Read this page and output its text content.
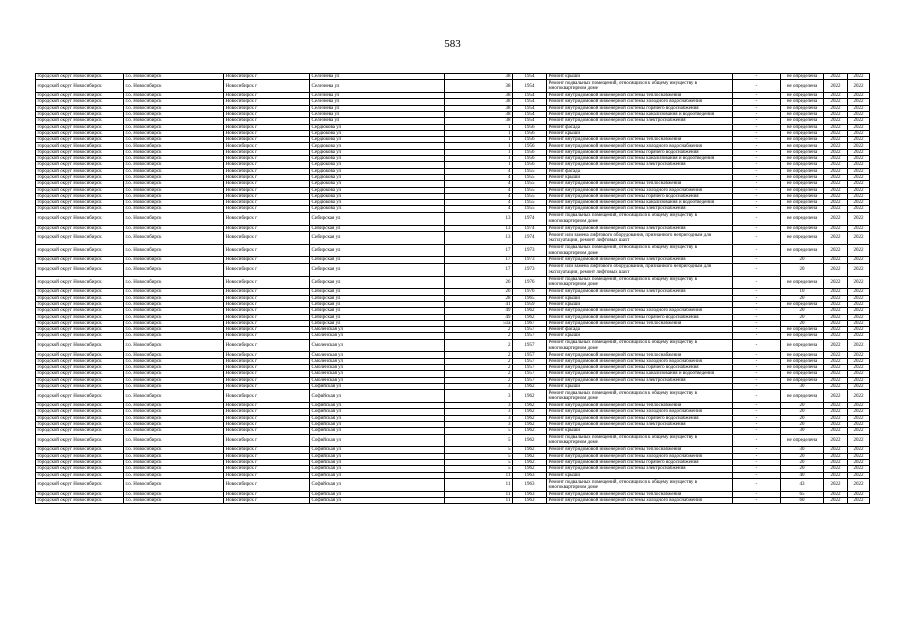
583
городской округ Новосибирск	г.о. Новосибирск	Новосибирск г	Селезнева ул	38	1954	Ремонт крыши	-	не определена	2022	2022
городской округ Новосибирск	г.о. Новосибирск	Новосибирск г	Селезнева ул	38	1954	Ремонт подвальных помещений, относящихся к общему имуществу в многоквартирном доме	-	не определена	2022	2022
городской округ Новосибирск	г.о. Новосибирск	Новосибирск г	Селезнева ул	38	1954	Ремонт внутридомовой инженерной системы теплоснабжения	-	не определена	2022	2022
городской округ Новосибирск	г.о. Новосибирск	Новосибирск г	Селезнева ул	38	1954	Ремонт внутридомовой инженерной системы холодного водоснабжения	-	не определена	2022	2022
городской округ Новосибирск	г.о. Новосибирск	Новосибирск г	Селезнева ул	38	1954	Ремонт внутридомовой инженерной системы горячего водоснабжения	-	не определена	2022	2022
городской округ Новосибирск	г.о. Новосибирск	Новосибирск г	Селезнева ул	38	1954	Ремонт внутридомовой инженерной системы канализования и водоотведения	-	не определена	2022	2022
городской округ Новосибирск	г.о. Новосибирск	Новосибирск г	Селезнева ул	38	1954	Ремонт внутридомовой инженерной системы электроснабжения	-	не определена	2022	2022
городской округ Новосибирск	г.о. Новосибирск	Новосибирск г	Сердюкова ул	1	1956	Ремонт фасада	-	не определена	2022	2022
городской округ Новосибирск	г.о. Новосибирск	Новосибирск г	Сердюкова ул	1	1956	Ремонт крыши	-	не определена	2022	2022
городской округ Новосибирск	г.о. Новосибирск	Новосибирск г	Сердюкова ул	1	1956	Ремонт внутридомовой инженерной системы теплоснабжения	-	не определена	2022	2022
городской округ Новосибирск	г.о. Новосибирск	Новосибирск г	Сердюкова ул	1	1956	Ремонт внутридомовой инженерной системы холодного водоснабжения	-	не определена	2022	2022
городской округ Новосибирск	г.о. Новосибирск	Новосибирск г	Сердюкова ул	1	1956	Ремонт внутридомовой инженерной системы горячего водоснабжения	-	не определена	2022	2022
городской округ Новосибирск	г.о. Новосибирск	Новосибирск г	Сердюкова ул	1	1956	Ремонт внутридомовой инженерной системы канализования и водоотведения	-	не определена	2022	2022
городской округ Новосибирск	г.о. Новосибирск	Новосибирск г	Сердюкова ул	1	1956	Ремонт внутридомовой инженерной системы электроснабжения	-	не определена	2022	2022
городской округ Новосибирск	г.о. Новосибирск	Новосибирск г	Сердюкова ул	4	1955	Ремонт фасада	-	не определена	2022	2022
городской округ Новосибирск	г.о. Новосибирск	Новосибирск г	Сердюкова ул	4	1955	Ремонт крыши	-	не определена	2022	2022
городской округ Новосибирск	г.о. Новосибирск	Новосибирск г	Сердюкова ул	4	1955	Ремонт внутридомовой инженерной системы теплоснабжения	-	не определена	2022	2022
городской округ Новосибирск	г.о. Новосибирск	Новосибирск г	Сердюкова ул	4	1955	Ремонт внутридомовой инженерной системы холодного водоснабжения	-	не определена	2022	2022
городской округ Новосибирск	г.о. Новосибирск	Новосибирск г	Сердюкова ул	4	1955	Ремонт внутридомовой инженерной системы горячего водоснабжения	-	не определена	2022	2022
городской округ Новосибирск	г.о. Новосибирск	Новосибирск г	Сердюкова ул	4	1955	Ремонт внутридомовой инженерной системы канализования и водоотведения	-	не определена	2022	2022
городской округ Новосибирск	г.о. Новосибирск	Новосибирск г	Сердюкова ул	4	1955	Ремонт внутридомовой инженерной системы электроснабжения	-	не определена	2022	2022
городской округ Новосибирск	г.о. Новосибирск	Новосибирск г	Сибирская ул	13	1974	Ремонт подвальных помещений, относящихся к общему имуществу в многоквартирном доме	-	не определена	2022	2022
городской округ Новосибирск	г.о. Новосибирск	Новосибирск г	Сибирская ул	13	1974	Ремонт внутридомовой инженерной системы электроснабжения	-	не определена	2022	2022
городской округ Новосибирск	г.о. Новосибирск	Новосибирск г	Сибирская ул	13	1974	Ремонт или замена лифтового оборудования, признанного непригодным для эксплуатации, ремонт лифтовых шахт	-	не определена	2022	2022
городской округ Новосибирск	г.о. Новосибирск	Новосибирск г	Сибирская ул	17	1973	Ремонт подвальных помещений, относящихся к общему имуществу в многоквартирном доме	-	не определена	2022	2022
городской округ Новосибирск	г.о. Новосибирск	Новосибирск г	Сибирская ул	17	1973	Ремонт внутридомовой инженерной системы электроснабжения	-	20	2022	2022
городской округ Новосибирск	г.о. Новосибирск	Новосибирск г	Сибирская ул	17	1973	Ремонт или замена лифтового оборудования, признанного непригодным для эксплуатации, ремонт лифтовых шахт	-	20	2022	2022
городской округ Новосибирск	г.о. Новосибирск	Новосибирск г	Сибирская ул	26	1976	Ремонт подвальных помещений, относящихся к общему имуществу в многоквартирном доме	-	не определена	2022	2022
городской округ Новосибирск	г.о. Новосибирск	Новосибирск г	Сибирская ул	26	1976	Ремонт внутридомовой инженерной системы электроснабжения	-	10	2022	2022
городской округ Новосибирск	г.о. Новосибирск	Новосибирск г	Сибирская ул	28	1965	Ремонт крыши	-	20	2022	2022
городской округ Новосибирск	г.о. Новосибирск	Новосибирск г	Сибирская ул	41	1959	Ремонт крыши	-	не определена	2022	2022
городской округ Новосибирск	г.о. Новосибирск	Новосибирск г	Сибирская ул	49	1962	Ремонт внутридомовой инженерной системы холодного водоснабжения	-	20	2022	2022
городской округ Новосибирск	г.о. Новосибирск	Новосибирск г	Сибирская ул	49	1962	Ремонт внутридомовой инженерной системы горячего водоснабжения	-	20	2022	2022
городской округ Новосибирск	г.о. Новосибирск	Новосибирск г	Сибирская ул	51а	1967	Ремонт внутридомовой инженерной системы теплоснабжения	-	20	2022	2022
городской округ Новосибирск	г.о. Новосибирск	Новосибирск г	Смоленская ул	2	1957	Ремонт фасада	-	не определена	2022	2022
городской округ Новосибирск	г.о. Новосибирск	Новосибирск г	Смоленская ул	2	1957	Ремонт крыши	-	не определена	2022	2022
городской округ Новосибирск	г.о. Новосибирск	Новосибирск г	Смоленская ул	2	1957	Ремонт подвальных помещений, относящихся к общему имуществу в многоквартирном доме	-	не определена	2022	2022
городской округ Новосибирск	г.о. Новосибирск	Новосибирск г	Смоленская ул	2	1957	Ремонт внутридомовой инженерной системы теплоснабжения	-	не определена	2022	2022
городской округ Новосибирск	г.о. Новосибирск	Новосибирск г	Смоленская ул	2	1957	Ремонт внутридомовой инженерной системы холодного водоснабжения	-	не определена	2022	2022
городской округ Новосибирск	г.о. Новосибирск	Новосибирск г	Смоленская ул	2	1957	Ремонт внутридомовой инженерной системы горячего водоснабжения	-	не определена	2022	2022
городской округ Новосибирск	г.о. Новосибирск	Новосибирск г	Смоленская ул	2	1957	Ремонт внутридомовой инженерной системы канализования и водоотведения	-	не определена	2022	2022
городской округ Новосибирск	г.о. Новосибирск	Новосибирск г	Смоленская ул	2	1957	Ремонт внутридомовой инженерной системы электроснабжения	-	не определена	2022	2022
городской округ Новосибирск	г.о. Новосибирск	Новосибирск г	Софийская ул	3	1962	Ремонт крыши	-	30	2022	2022
городской округ Новосибирск	г.о. Новосибирск	Новосибирск г	Софийская ул	3	1962	Ремонт подвальных помещений, относящихся к общему имуществу в многоквартирном доме	-	не определена	2022	2022
городской округ Новосибирск	г.о. Новосибирск	Новосибирск г	Софийская ул	3	1962	Ремонт внутридомовой инженерной системы теплоснабжения	-	20	2022	2022
городской округ Новосибирск	г.о. Новосибирск	Новосибирск г	Софийская ул	3	1962	Ремонт внутридомовой инженерной системы холодного водоснабжения	-	20	2022	2022
городской округ Новосибирск	г.о. Новосибирск	Новосибирск г	Софийская ул	3	1962	Ремонт внутридомовой инженерной системы горячего водоснабжения	-	20	2022	2022
городской округ Новосибирск	г.о. Новосибирск	Новосибирск г	Софийская ул	3	1962	Ремонт внутридомовой инженерной системы электроснабжения	-	20	2022	2022
городской округ Новосибирск	г.о. Новосибирск	Новосибирск г	Софийская ул	5	1962	Ремонт крыши	-	30	2022	2022
городской округ Новосибирск	г.о. Новосибирск	Новосибирск г	Софийская ул	5	1962	Ремонт подвальных помещений, относящихся к общему имуществу в многоквартирном доме	-	не определена	2022	2022
городской округ Новосибирск	г.о. Новосибирск	Новосибирск г	Софийская ул	5	1962	Ремонт внутридомовой инженерной системы теплоснабжения	-	30	2022	2022
городской округ Новосибирск	г.о. Новосибирск	Новосибирск г	Софийская ул	5	1962	Ремонт внутридомовой инженерной системы холодного водоснабжения	-	20	2022	2022
городской округ Новосибирск	г.о. Новосибирск	Новосибирск г	Софийская ул	5	1962	Ремонт внутридомовой инженерной системы горячего водоснабжения	-	20	2022	2022
городской округ Новосибирск	г.о. Новосибирск	Новосибирск г	Софийская ул	5	1962	Ремонт внутридомовой инженерной системы электроснабжения	-	20	2022	2022
городской округ Новосибирск	г.о. Новосибирск	Новосибирск г	Софийская ул	11	1963	Ремонт крыши	-	40	2022	2022
городской округ Новосибирск	г.о. Новосибирск	Новосибирск г	Софийская ул	11	1963	Ремонт подвальных помещений, относящихся к общему имуществу в многоквартирном доме	-	43	2022	2022
городской округ Новосибирск	г.о. Новосибирск	Новосибирск г	Софийская ул	11	1963	Ремонт внутридомовой инженерной системы теплоснабжения	-	65	2022	2022
городской округ Новосибирск	г.о. Новосибирск	Новосибирск г	Софийская ул	11	1963	Ремонт внутридомовой инженерной системы холодного водоснабжения	-	60	2022	2022
